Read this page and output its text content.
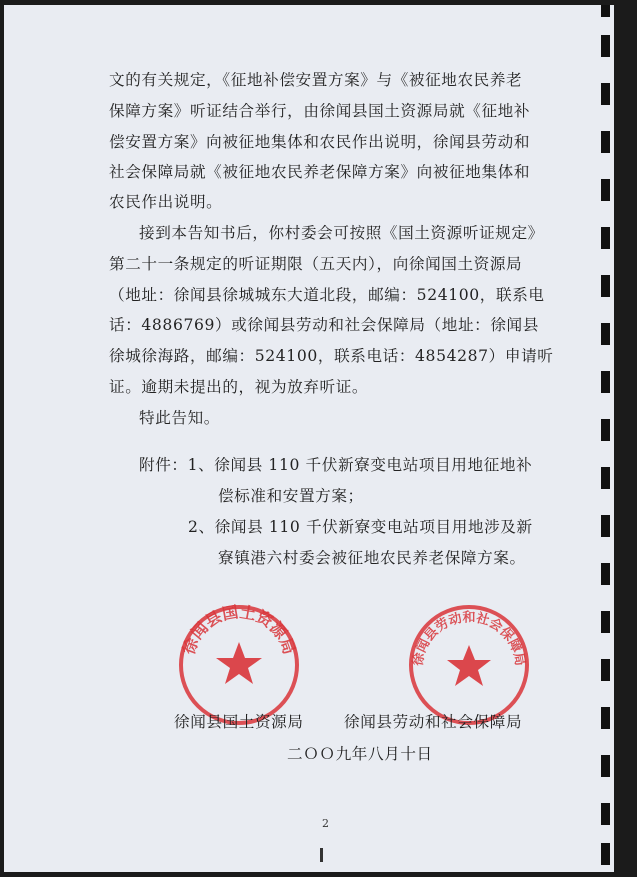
文的有关规定，《征地补偿安置方案》与《被征地农民养老
保障方案》听证结合举行，由徐闻县国土资源局就《征地补
偿安置方案》向被征地集体和农民作出说明，徐闻县劳动和
社会保障局就《被征地农民养老保障方案》向被征地集体和
农民作出说明。
接到本告知书后，你村委会可按照《国土资源听证规定》
第二十一条规定的听证期限（五天内），向徐闻国土资源局
（地址：徐闻县徐城城东大道北段，邮编：524100，联系电
话：4886769）或徐闻县劳动和社会保障局（地址：徐闻县
徐城徐海路，邮编：524100，联系电话：4854287）申请听
证。逾期未提出的，视为放弃听证。
特此告知。
附件：1、徐闻县 110 千伏新寮变电站项目用地征地补
偿标准和安置方案；
2、徐闻县 110 千伏新寮变电站项目用地涉及新
寮镇港六村委会被征地农民养老保障方案。
徐闻县国土资源局
徐闻县劳动和社会保障局
徐闻县国土资源局	徐闻县劳动和社会保障局
二ＯＯ九年八月十日
2
